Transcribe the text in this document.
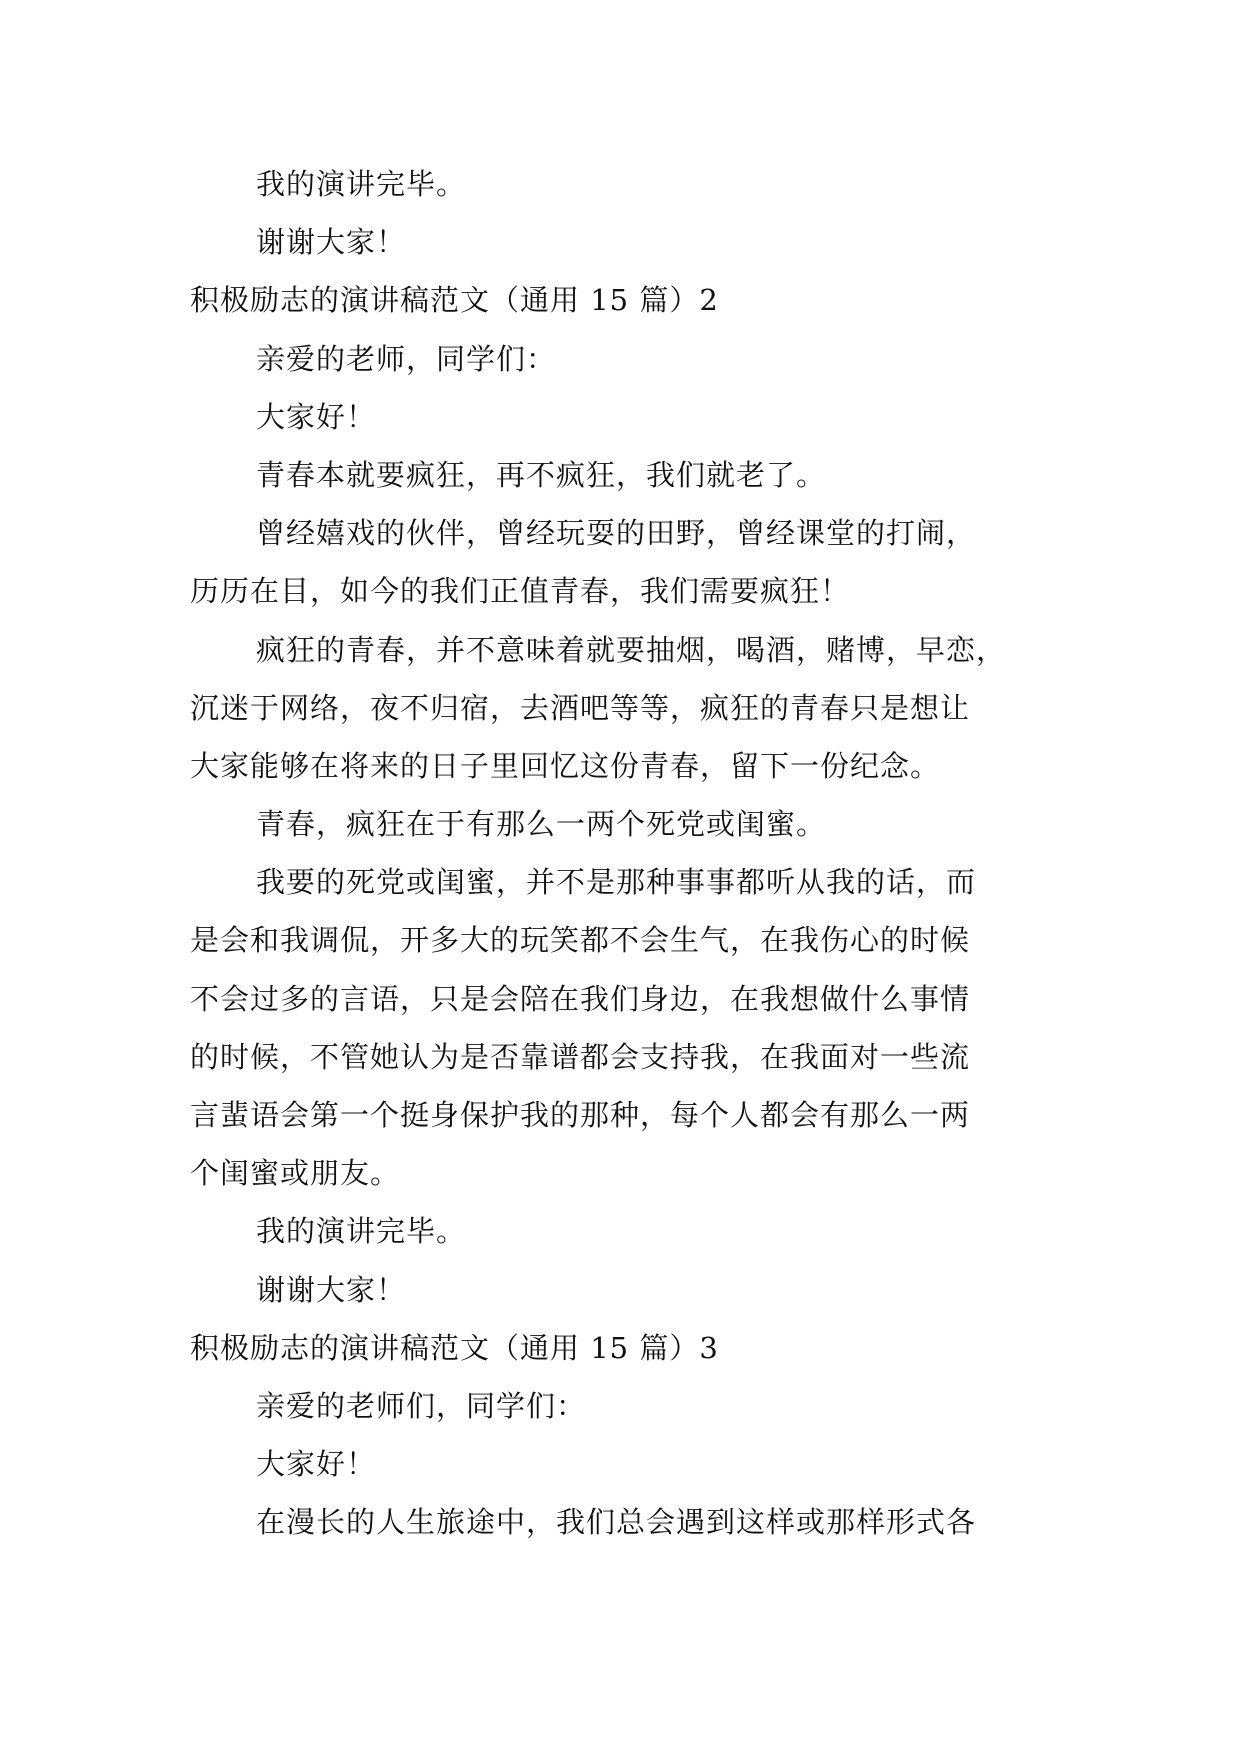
我的演讲完毕。
谢谢大家！
积极励志的演讲稿范文（通用 15 篇）2
亲爱的老师，同学们：
大家好！
青春本就要疯狂，再不疯狂，我们就老了。
曾经嬉戏的伙伴，曾经玩耍的田野，曾经课堂的打闹，
历历在目，如今的我们正值青春，我们需要疯狂！
疯狂的青春，并不意味着就要抽烟，喝酒，赌博，早恋，
沉迷于网络，夜不归宿，去酒吧等等，疯狂的青春只是想让
大家能够在将来的日子里回忆这份青春，留下一份纪念。
青春，疯狂在于有那么一两个死党或闺蜜。
我要的死党或闺蜜，并不是那种事事都听从我的话，而
是会和我调侃，开多大的玩笑都不会生气，在我伤心的时候
不会过多的言语，只是会陪在我们身边，在我想做什么事情
的时候，不管她认为是否靠谱都会支持我，在我面对一些流
言蜚语会第一个挺身保护我的那种，每个人都会有那么一两
个闺蜜或朋友。
我的演讲完毕。
谢谢大家！
积极励志的演讲稿范文（通用 15 篇）3
亲爱的老师们，同学们：
大家好！
在漫长的人生旅途中，我们总会遇到这样或那样形式各
